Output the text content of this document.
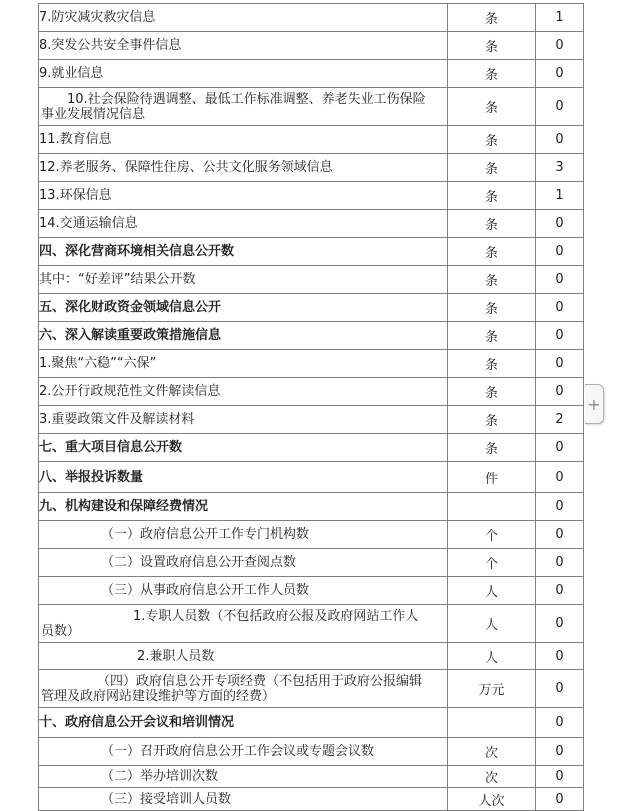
7.防灾减灾救灾信息	条	1
8.突发公共安全事件信息	条	0
9.就业信息	条	0
10.社会保险待遇调整、最低工作标准调整、养老失业工伤保险
事业发展情况信息	条	0
11.教育信息	条	0
12.养老服务、保障性住房、公共文化服务领域信息	条	3
13.环保信息	条	1
14.交通运输信息	条	0
四、深化营商环境相关信息公开数	条	0
其中：“好差评”结果公开数	条	0
五、深化财政资金领域信息公开	条	0
六、深入解读重要政策措施信息	条	0
1.聚焦“六稳”“六保”	条	0
2.公开行政规范性文件解读信息	条	0
3.重要政策文件及解读材料	条	2
七、重大项目信息公开数	条	0
八、举报投诉数量	件	0
九、机构建设和保障经费情况		0
（一）政府信息公开工作专门机构数	个	0
（二）设置政府信息公开查阅点数	个	0
（三）从事政府信息公开工作人员数	人	0
1.专职人员数（不包括政府公报及政府网站工作人
员数）	人	0
2.兼职人员数	人	0
（四）政府信息公开专项经费（不包括用于政府公报编辑
管理及政府网站建设维护等方面的经费）	万元	0
十、政府信息公开会议和培训情况		0
（一）召开政府信息公开工作会议或专题会议数	次	0
（二）举办培训次数	次	0
（三）接受培训人员数	人次	0
+
